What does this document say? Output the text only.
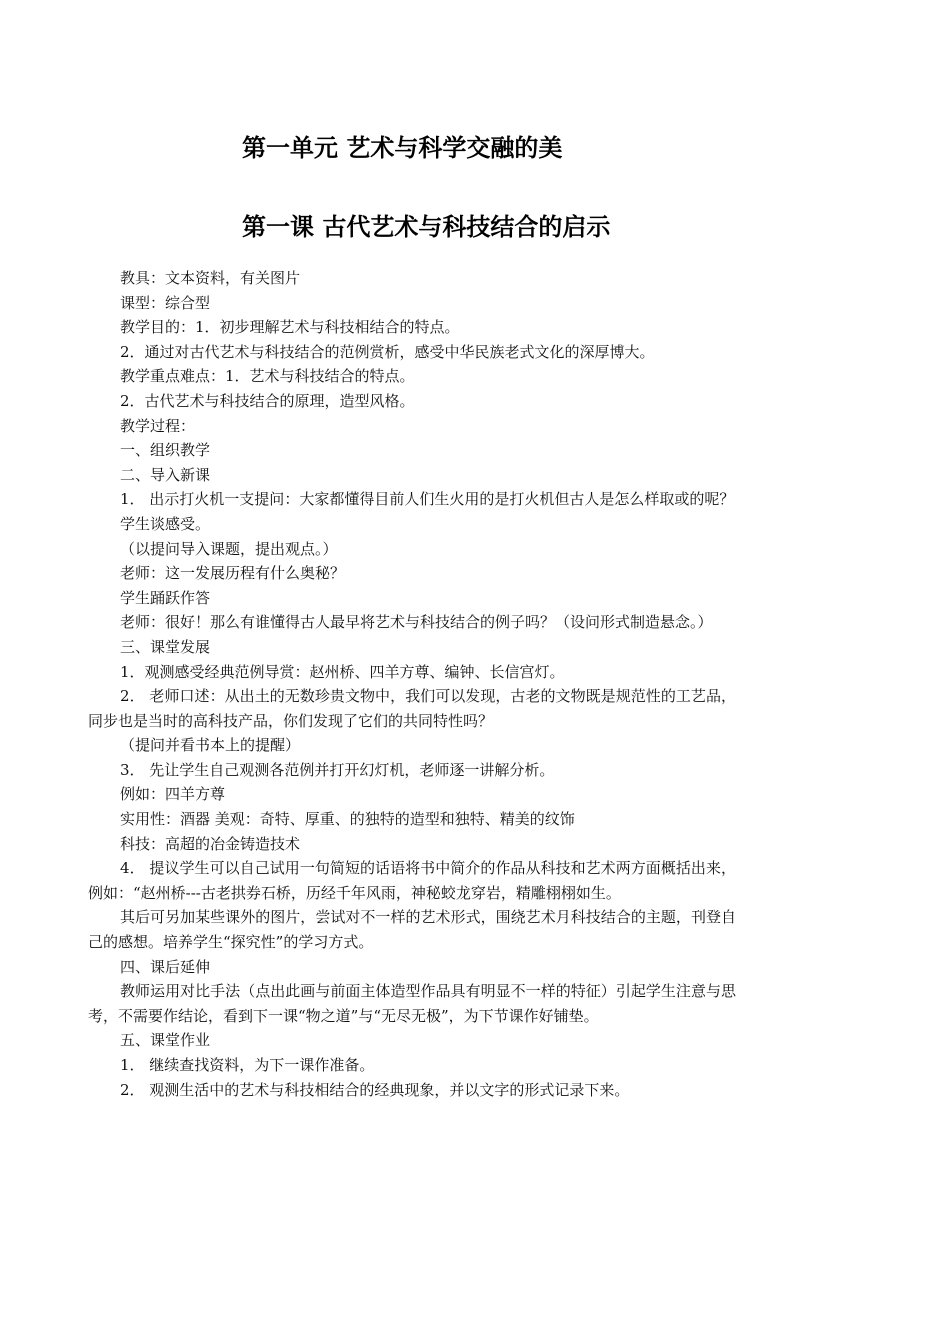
第一单元 艺术与科学交融的美
第一课 古代艺术与科技结合的启示

教具：文本资料，有关图片

课型：综合型

教学目的：1．初步理解艺术与科技相结合的特点。

2．通过对古代艺术与科技结合的范例赏析，感受中华民族老式文化的深厚博大。

教学重点难点：1．艺术与科技结合的特点。

2．古代艺术与科技结合的原理，造型风格。

教学过程：

一、组织教学

二、导入新课

1． 出示打火机一支提问：大家都懂得目前人们生火用的是打火机但古人是怎么样取或的呢？

学生谈感受。

（以提问导入课题，提出观点。）

老师：这一发展历程有什么奥秘？

学生踊跃作答

老师：很好！那么有谁懂得古人最早将艺术与科技结合的例子吗？（设问形式制造悬念。）

三、课堂发展

1．观测感受经典范例导赏：赵州桥、四羊方尊、编钟、长信宫灯。

2． 老师口述：从出土的无数珍贵文物中，我们可以发现，古老的文物既是规范性的工艺品，同步也是当时的高科技产品，你们发现了它们的共同特性吗？

（提问并看书本上的提醒）

3． 先让学生自己观测各范例并打开幻灯机，老师逐一讲解分析。

例如：四羊方尊

实用性：酒器 美观：奇特、厚重、的独特的造型和独特、精美的纹饰

科技：高超的冶金铸造技术

4． 提议学生可以自己试用一句简短的话语将书中简介的作品从科技和艺术两方面概括出来，例如：“赵州桥---古老拱券石桥，历经千年风雨，神秘蛟龙穿岩，精雕栩栩如生。

其后可另加某些课外的图片，尝试对不一样的艺术形式，围绕艺术月科技结合的主题，刊登自己的感想。培养学生“探究性”的学习方式。

四、课后延伸

教师运用对比手法（点出此画与前面主体造型作品具有明显不一样的特征）引起学生注意与思考，不需要作结论，看到下一课“物之道”与“无尽无极”，为下节课作好铺垫。

五、课堂作业

1． 继续查找资料，为下一课作准备。

2． 观测生活中的艺术与科技相结合的经典现象，并以文字的形式记录下来。
